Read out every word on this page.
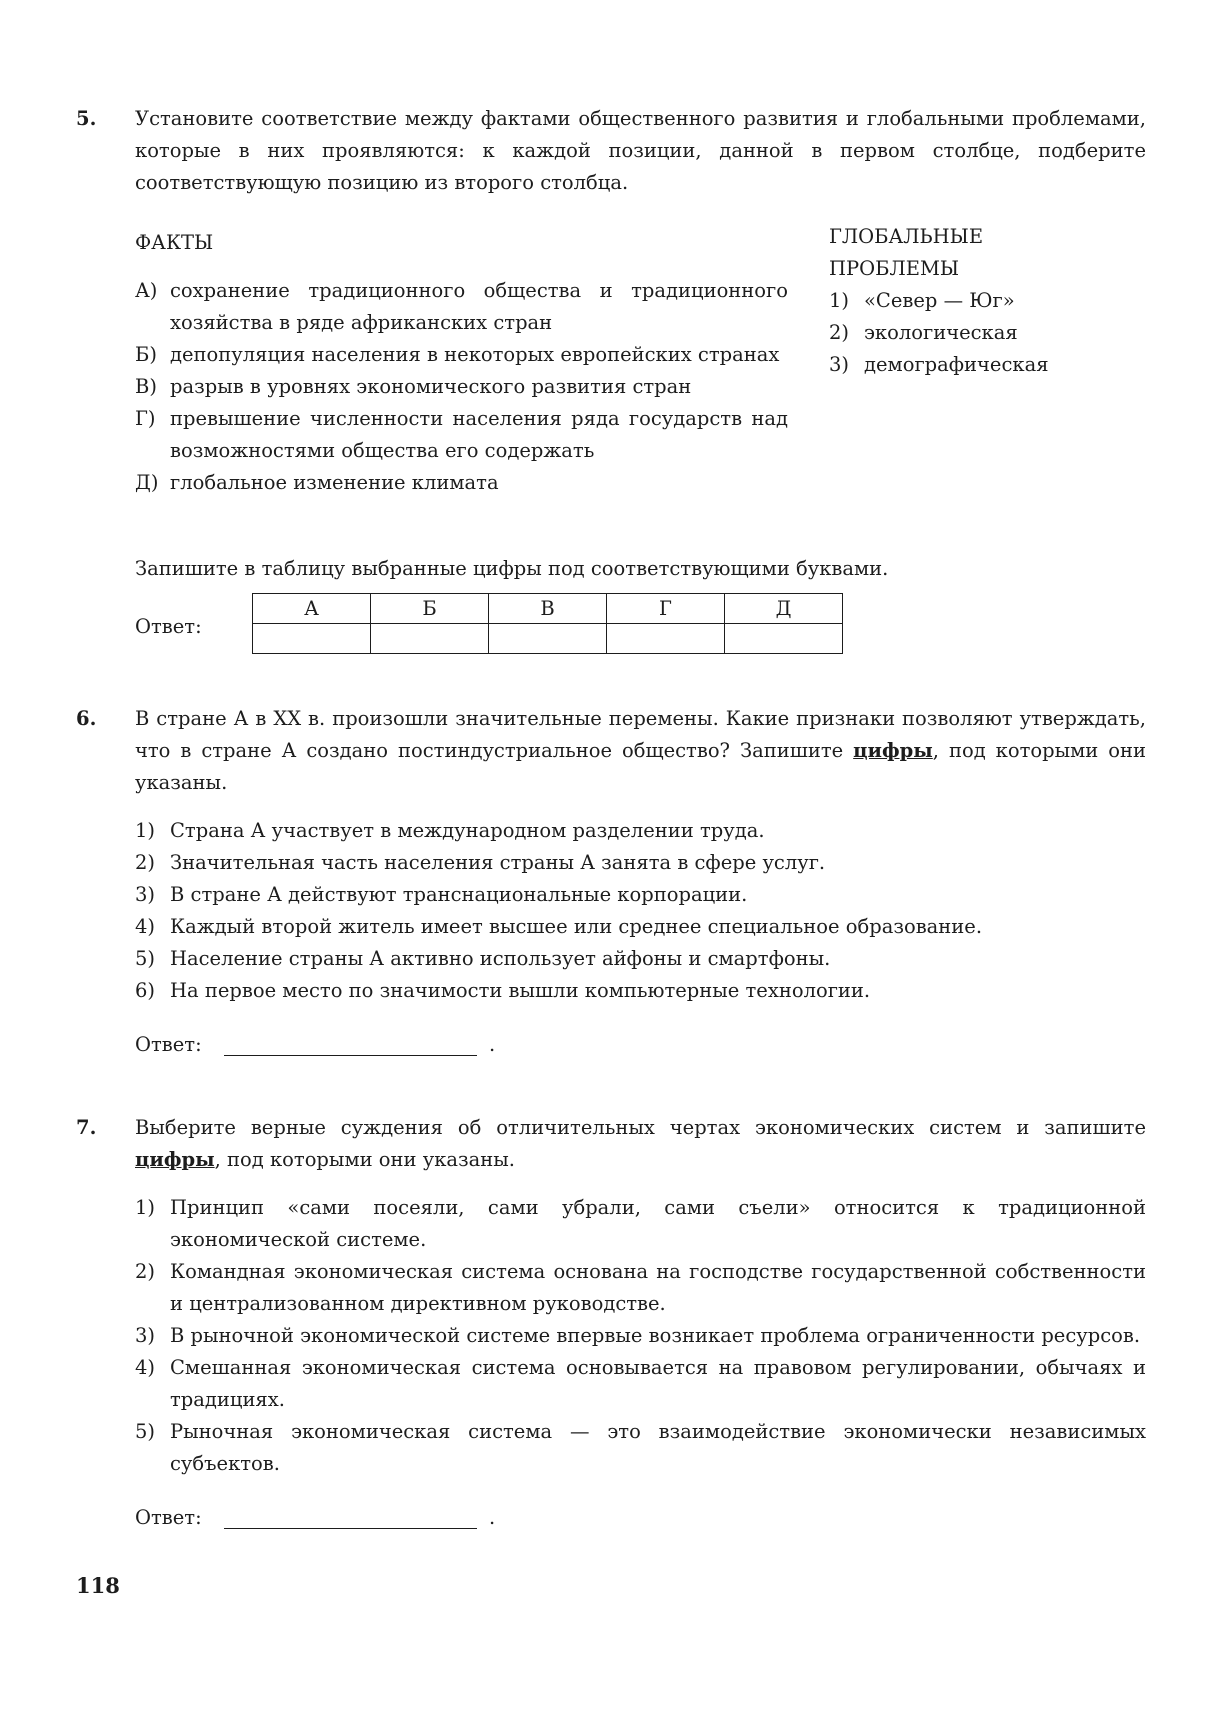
5. Установите соответствие между фактами общественного развития и глобальными проблемами, которые в них проявляются: к каждой позиции, данной в первом столбце, подберите соответствующую позицию из второго столбца.
ФАКТЫ
А) сохранение традиционного общества и традиционного хозяйства в ряде африканских стран
Б) депопуляция населения в некоторых европейских странах
В) разрыв в уровнях экономического развития стран
Г) превышение численности населения ряда государств над возможностями общества его содержать
Д) глобальное изменение климата
ГЛОБАЛЬНЫЕ
ПРОБЛЕМЫ
1) «Север — Юг»
2) экологическая
3) демографическая
Запишите в таблицу выбранные цифры под соответствующими буквами.
Ответ:
А	Б	В	Г	Д

6. В стране А в XX в. произошли значительные перемены. Какие признаки позволяют утверждать, что в стране А создано постиндустриальное общество? Запишите цифры, под которыми они указаны.
1) Страна А участвует в международном разделении труда.
2) Значительная часть населения страны А занята в сфере услуг.
3) В стране А действуют транснациональные корпорации.
4) Каждый второй житель имеет высшее или среднее специальное образование.
5) Население страны А активно использует айфоны и смартфоны.
6) На первое место по значимости вышли компьютерные технологии.
Ответ:	.
7. Выберите верные суждения об отличительных чертах экономических систем и запишите цифры, под которыми они указаны.
1) Принцип «сами посеяли, сами убрали, сами съели» относится к традиционной экономической системе.
2) Командная экономическая система основана на господстве государственной собственности и централизованном директивном руководстве.
3) В рыночной экономической системе впервые возникает проблема ограниченности ресурсов.
4) Смешанная экономическая система основывается на правовом регулировании, обычаях и традициях.
5) Рыночная экономическая система — это взаимодействие экономически независимых субъектов.
Ответ:	.
118
